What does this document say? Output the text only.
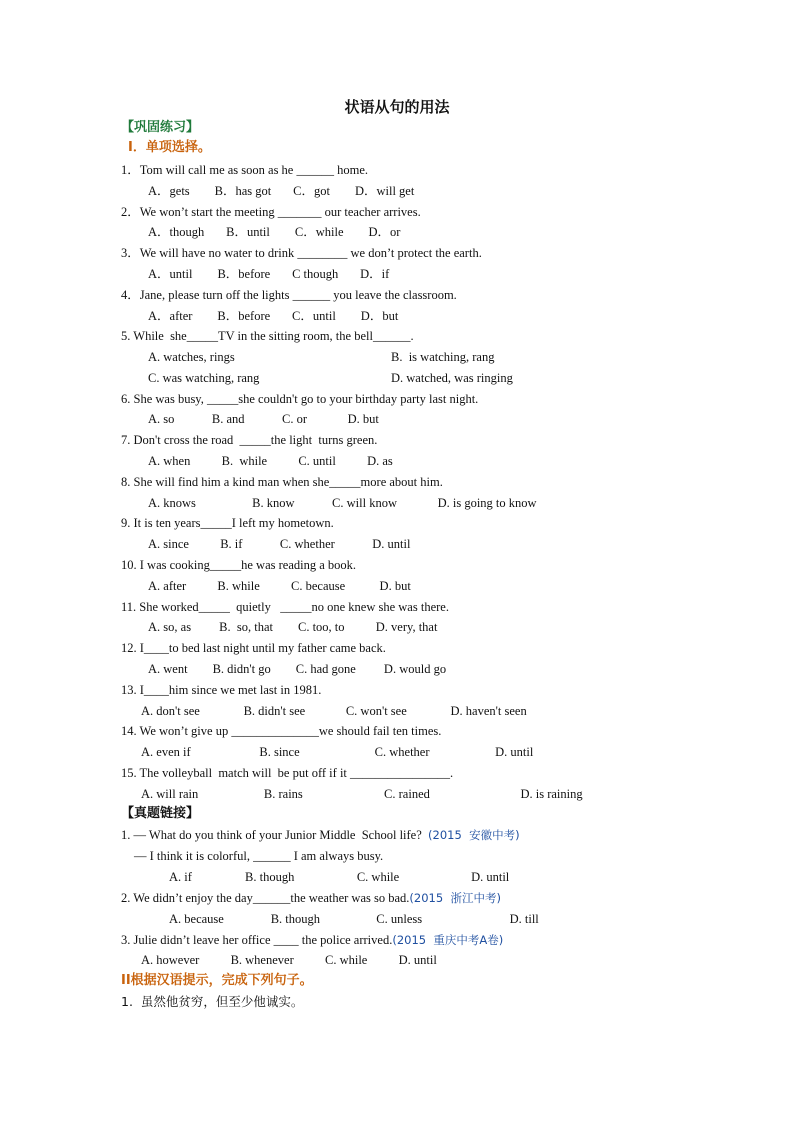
状语从句的用法
【巩固练习】
I．单项选择。
1．Tom will call me as soon as he ______ home.
A．gets        B．has got       C．got        D．will get
2．We won’t start the meeting _______ our teacher arrives.
A．though       B．until        C．while        D．or
3．We will have no water to drink ________ we don’t protect the earth.
A．until        B．before       C though       D．if
4．Jane, please turn off the lights ______ you leave the classroom.
A．after        B．before       C．until        D．but
5. While  she_____TV in the sitting room, the bell______.
A. watches, rings	B.  is watching, rang
C. was watching, rang	D. watched, was ringing
6. She was busy, _____she couldn't go to your birthday party last night.
A. so            B. and            C. or             D. but
7. Don't cross the road  _____the light  turns green.
A. when          B.  while          C. until          D. as
8. She will find him a kind man when she_____more about him.
A. knows                  B. know            C. will know             D. is going to know
9. It is ten years_____I left my hometown.
A. since          B. if            C. whether            D. until
10. I was cooking_____he was reading a book.
A. after          B. while          C. because           D. but
11. She worked_____  quietly   _____no one knew she was there.
A. so, as         B.  so, that        C. too, to          D. very, that
12. I____to bed last night until my father came back.
A. went        B. didn't go        C. had gone         D. would go
13. I____him since we met last in 1981.
A. don't see              B. didn't see             C. won't see              D. haven't seen
14. We won’t give up ______________we should fail ten times.
A. even if                      B. since                        C. whether                     D. until
15. The volleyball  match will  be put off if it ________________.
A. will rain                     B. rains                          C. rained                             D. is raining
— I think it is colorful, ______ I am always busy.
A. if                 B. though                    C. while                       D. until
A. because               B. though                  C. unless                            D. till
A. however          B. whenever          C. while          D. until
【真题链接】
1. — What do you think of your Junior Middle  School life?  (2015  安徽中考)
2. We didn’t enjoy the day______the weather was so bad.(2015  浙江中考)
3. Julie didn’t leave her office ____ the police arrived.(2015  重庆中考A卷)
II根据汉语提示，完成下列句子。
1.  虽然他贫穷，但至少他诚实。
